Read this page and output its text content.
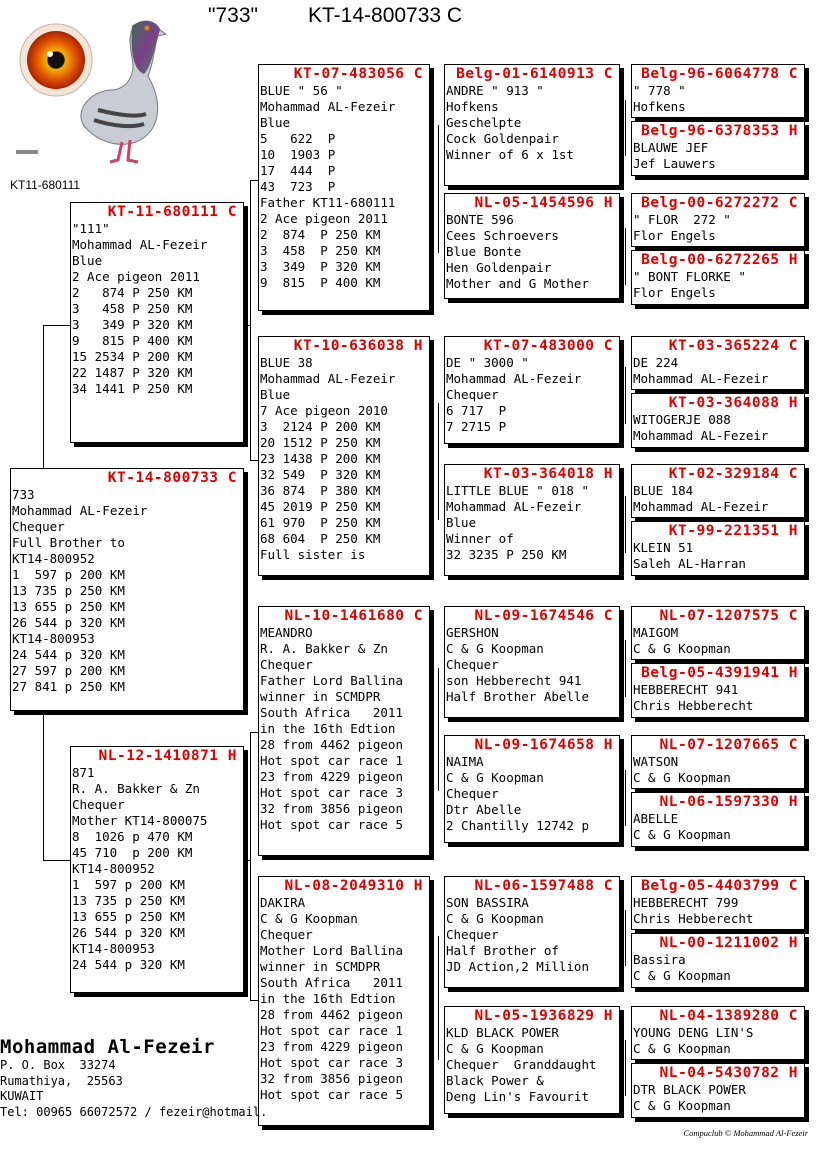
"733" KT-14-800733 C
KT11-680111
KT-14-800733 C
733
Mohammad AL-Fezeir
Chequer
Full Brother to
KT14-800952
1  597 p 200 KM
13 735 p 250 KM
13 655 p 250 KM
26 544 p 320 KM
KT14-800953
24 544 p 320 KM
27 597 p 200 KM
27 841 p 250 KM
KT-11-680111 C
"111"
Mohammad AL-Fezeir
Blue
2 Ace pigeon 2011
2   874 P 250 KM
3   458 P 250 KM
3   349 P 320 KM
9   815 P 400 KM
15 2534 P 200 KM
22 1487 P 320 KM
34 1441 P 250 KM
NL-12-1410871 H
871
R. A. Bakker & Zn
Chequer
Mother KT14-800075
8  1026 p 470 KM
45 710  p 200 KM
KT14-800952
1  597 p 200 KM
13 735 p 250 KM
13 655 p 250 KM
26 544 p 320 KM
KT14-800953
24 544 p 320 KM
KT-07-483056 C
BLUE " 56 "
Mohammad AL-Fezeir
Blue
5   622  P
10  1903 P
17  444  P
43  723  P
Father KT11-680111
2 Ace pigeon 2011
2  874  P 250 KM
3  458  P 250 KM
3  349  P 320 KM
9  815  P 400 KM
KT-10-636038 H
BLUE 38
Mohammad AL-Fezeir
Blue
7 Ace pigeon 2010
3  2124 P 200 KM
20 1512 P 250 KM
23 1438 P 200 KM
32 549  P 320 KM
36 874  P 380 KM
45 2019 P 250 KM
61 970  P 250 KM
68 604  P 250 KM
Full sister is
NL-10-1461680 C
MEANDRO
R. A. Bakker & Zn
Chequer
Father Lord Ballina
winner in SCMDPR
South Africa   2011
in the 16th Edtion
28 from 4462 pigeon
Hot spot car race 1
23 from 4229 pigeon
Hot spot car race 3
32 from 3856 pigeon
Hot spot car race 5
NL-08-2049310 H
DAKIRA
C & G Koopman
Chequer
Mother Lord Ballina
winner in SCMDPR
South Africa   2011
in the 16th Edtion
28 from 4462 pigeon
Hot spot car race 1
23 from 4229 pigeon
Hot spot car race 3
32 from 3856 pigeon
Hot spot car race 5
Belg-01-6140913 C
ANDRE " 913 "
Hofkens
Geschelpte
Cock Goldenpair
Winner of 6 x 1st
NL-05-1454596 H
BONTE 596
Cees Schroevers
Blue Bonte
Hen Goldenpair
Mother and G Mother
KT-07-483000 C
DE " 3000 "
Mohammad AL-Fezeir
Chequer
6 717  P
7 2715 P
KT-03-364018 H
LITTLE BLUE " 018 "
Mohammad AL-Fezeir
Blue
Winner of
32 3235 P 250 KM
NL-09-1674546 C
GERSHON
C & G Koopman
Chequer
son Hebberecht 941
Half Brother Abelle
NL-09-1674658 H
NAIMA
C & G Koopman
Chequer
Dtr Abelle
2 Chantilly 12742 p
NL-06-1597488 C
SON BASSIRA
C & G Koopman
Chequer
Half Brother of
JD Action,2 Million
NL-05-1936829 H
KLD BLACK POWER
C & G Koopman
Chequer  Granddaught
Black Power &
Deng Lin's Favourit
Belg-96-6064778 C
" 778 "
Hofkens
Belg-96-6378353 H
BLAUWE JEF
Jef Lauwers
Belg-00-6272272 C
" FLOR  272 "
Flor Engels
Belg-00-6272265 H
" BONT FLORKE "
Flor Engels
KT-03-365224 C
DE 224
Mohammad AL-Fezeir
KT-03-364088 H
WITOGERJE 088
Mohammad AL-Fezeir
KT-02-329184 C
BLUE 184
Mohammad AL-Fezeir
KT-99-221351 H
KLEIN 51
Saleh AL-Harran
NL-07-1207575 C
MAIGOM
C & G Koopman
Belg-05-4391941 H
HEBBERECHT 941
Chris Hebberecht
NL-07-1207665 C
WATSON
C & G Koopman
NL-06-1597330 H
ABELLE
C & G Koopman
Belg-05-4403799 C
HEBBERECHT 799
Chris Hebberecht
NL-00-1211002 H
Bassira
C & G Koopman
NL-04-1389280 C
YOUNG DENG LIN'S
C & G Koopman
NL-04-5430782 H
DTR BLACK POWER
C & G Koopman
Mohammad Al-Fezeir
P. O. Box  33274
Rumathiya,  25563
KUWAIT
Tel: 00965 66072572 / fezeir@hotmail.
Compuclub © Mohammad Al-Fezeir
